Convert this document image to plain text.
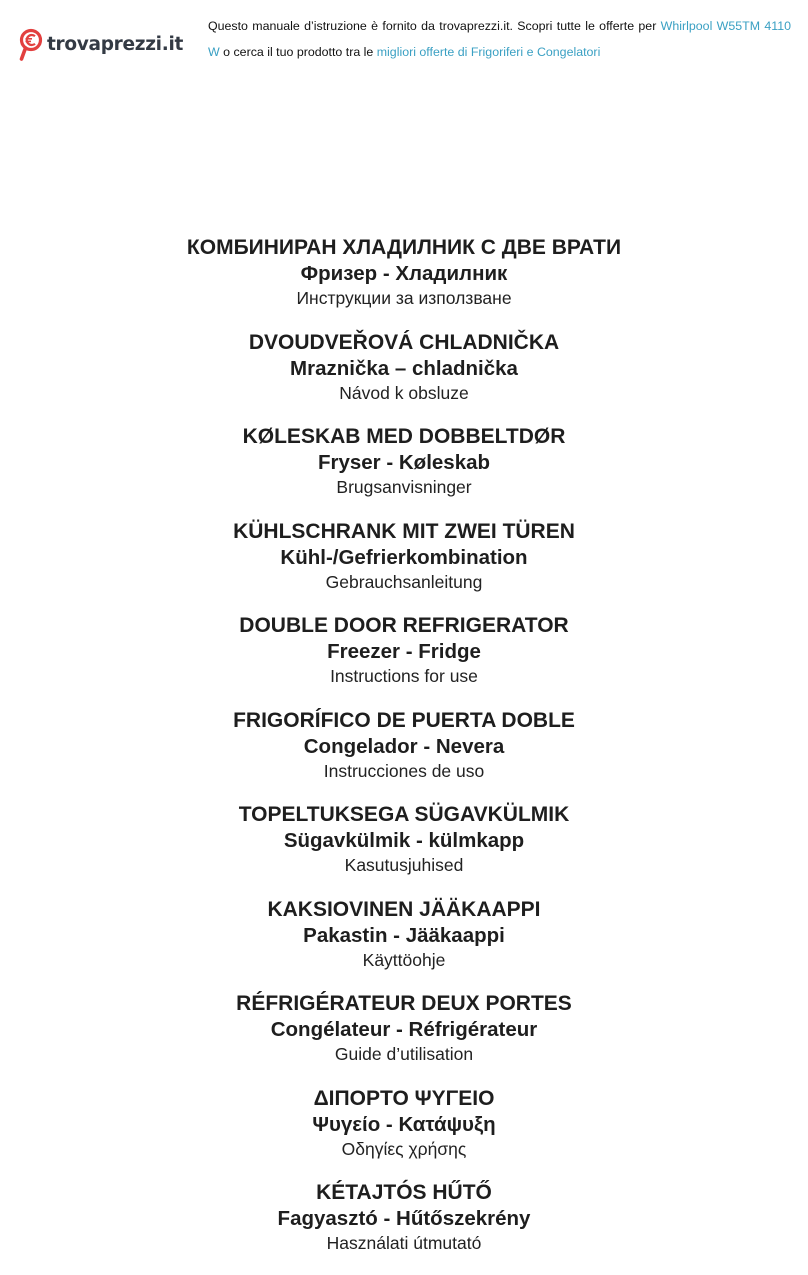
trovaprezzi.it
Questo manuale d’istruzione è fornito da trovaprezzi.it. Scopri tutte le offerte per Whirlpool W55TM 4110 W o cerca il tuo prodotto tra le migliori offerte di Frigoriferi e Congelatori
КОМБИНИРАН ХЛАДИЛНИК С ДВЕ ВРАТИ
Фризер - Хладилник
Инструкции за използване
DVOUDVEŘOVÁ CHLADNIČKA
Mraznička – chladnička
Návod k obsluze
KØLESKAB MED DOBBELTDØR
Fryser - Køleskab
Brugsanvisninger
KÜHLSCHRANK MIT ZWEI TÜREN
Kühl-/Gefrierkombination
Gebrauchsanleitung
DOUBLE DOOR REFRIGERATOR
Freezer - Fridge
Instructions for use
FRIGORÍFICO DE PUERTA DOBLE
Congelador - Nevera
Instrucciones de uso
TOPELTUKSEGA SÜGAVKÜLMIK
Sügavkülmik - külmkapp
Kasutusjuhised
KAKSIOVINEN JÄÄKAAPPI
Pakastin - Jääkaappi
Käyttöohje
RÉFRIGÉRATEUR DEUX PORTES
Congélateur - Réfrigérateur
Guide d’utilisation
ΔΙΠΟΡΤΟ ΨΥΓΕΙΟ
Ψυγείο - Κατάψυξη
Οδηγίες χρήσης
KÉTAJTÓS HŰTŐ
Fagyasztó - Hűtőszekrény
Használati útmutató
